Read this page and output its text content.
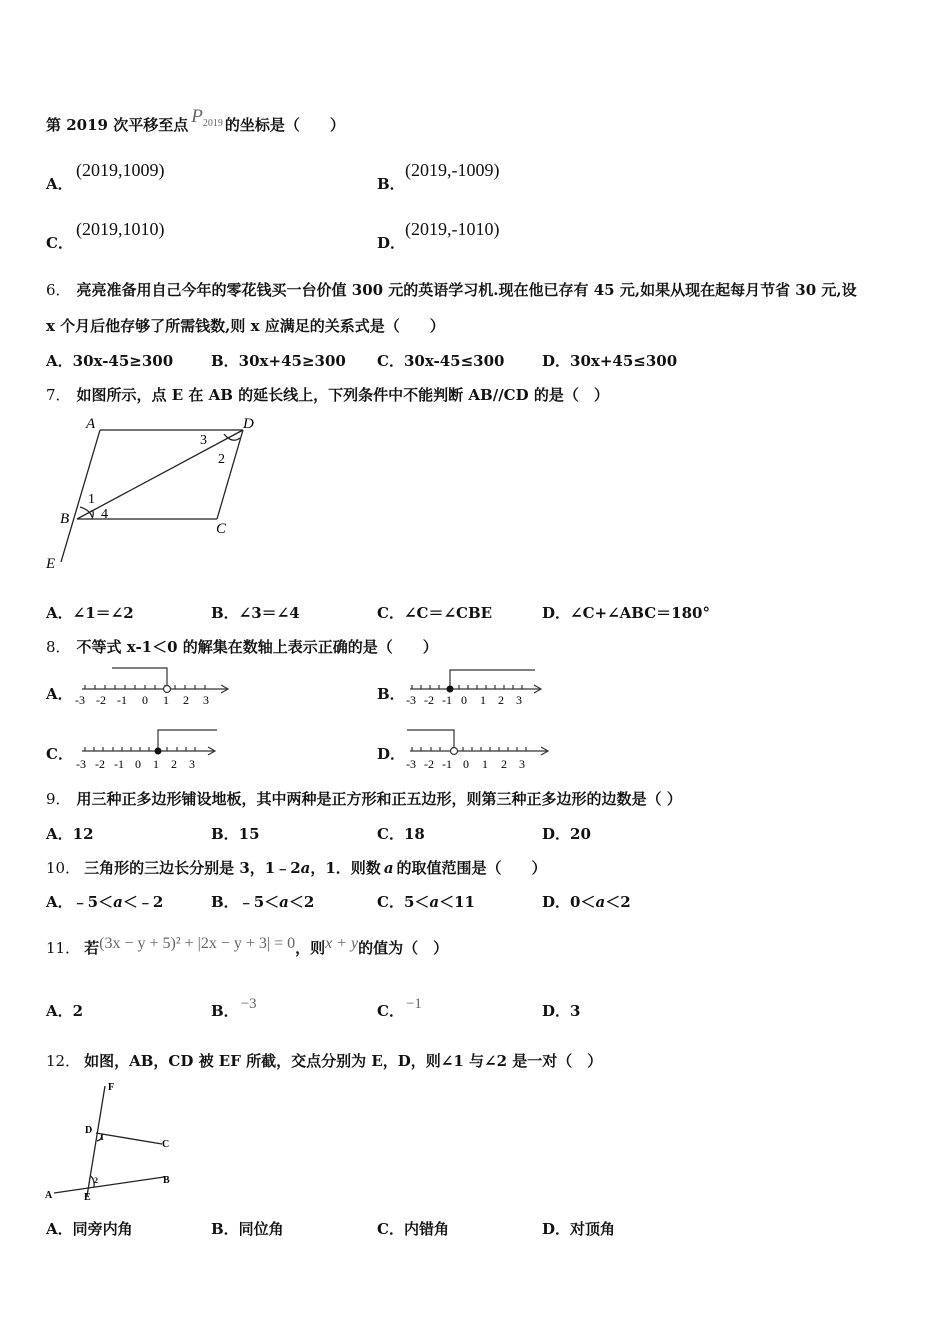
第 2019 次平移至点 $P^{2019}$ 的坐标是（　　）
A．
(2019,1009)
B．
(2019,‐1009)
C．
(2019,1010)
D．
(2019,‐1010)
6． 亮亮准备用自己今年的零花钱买一台价值 300 元的英语学习机.现在他已存有 45 元,如果从现在起每月节省 30 元,设
x 个月后他存够了所需钱数,则 x 应满足的关系式是（　　）
A．30x-45≥300	B．30x+45≥300 C．30x-45≤300	D．30x+45≤300
7． 如图所示，点 E 在 AB 的延长线上，下列条件中不能判断 AB//CD 的是（　）
A	D
B
C
E
1
2
3
4
A．∠1＝∠2	B．∠3＝∠4	C．∠C＝∠CBE	D．∠C+∠ABC＝180°
8． 不等式 x-1＜0 的解集在数轴上表示正确的是（　　）
A． -3 -2 -1 0 1 2 3	B． -3 -2 -1 0 1 2 3
C．
-3 -2 -1 0 1 2 3
D．
-3 -2 -1 0 1 2 3
9． 用三种正多边形铺设地板，其中两种是正方形和正五边形，则第三种正多边形的边数是（ ）
A．12	B．15	C．18	D．20
10． 三角形的三边长分别是 3，1﹣2a，1．则数 a 的取值范围是（　　）
A．﹣5＜a＜﹣2	B．﹣5＜a＜2	C．5＜a＜11	D．0＜a＜2
11． 若(3x − y + 5)² + |2x − y + 3| = 0，则x + y的值为（　）
A．2	B． −3	C． −1	D．3
12． 如图，AB，CD 被 EF 所截，交点分别为 E，D，则∠1 与∠2 是一对（　）
F
D
1
C
2
A	E
B
A．同旁内角	B．同位角	C．内错角	D．对顶角
